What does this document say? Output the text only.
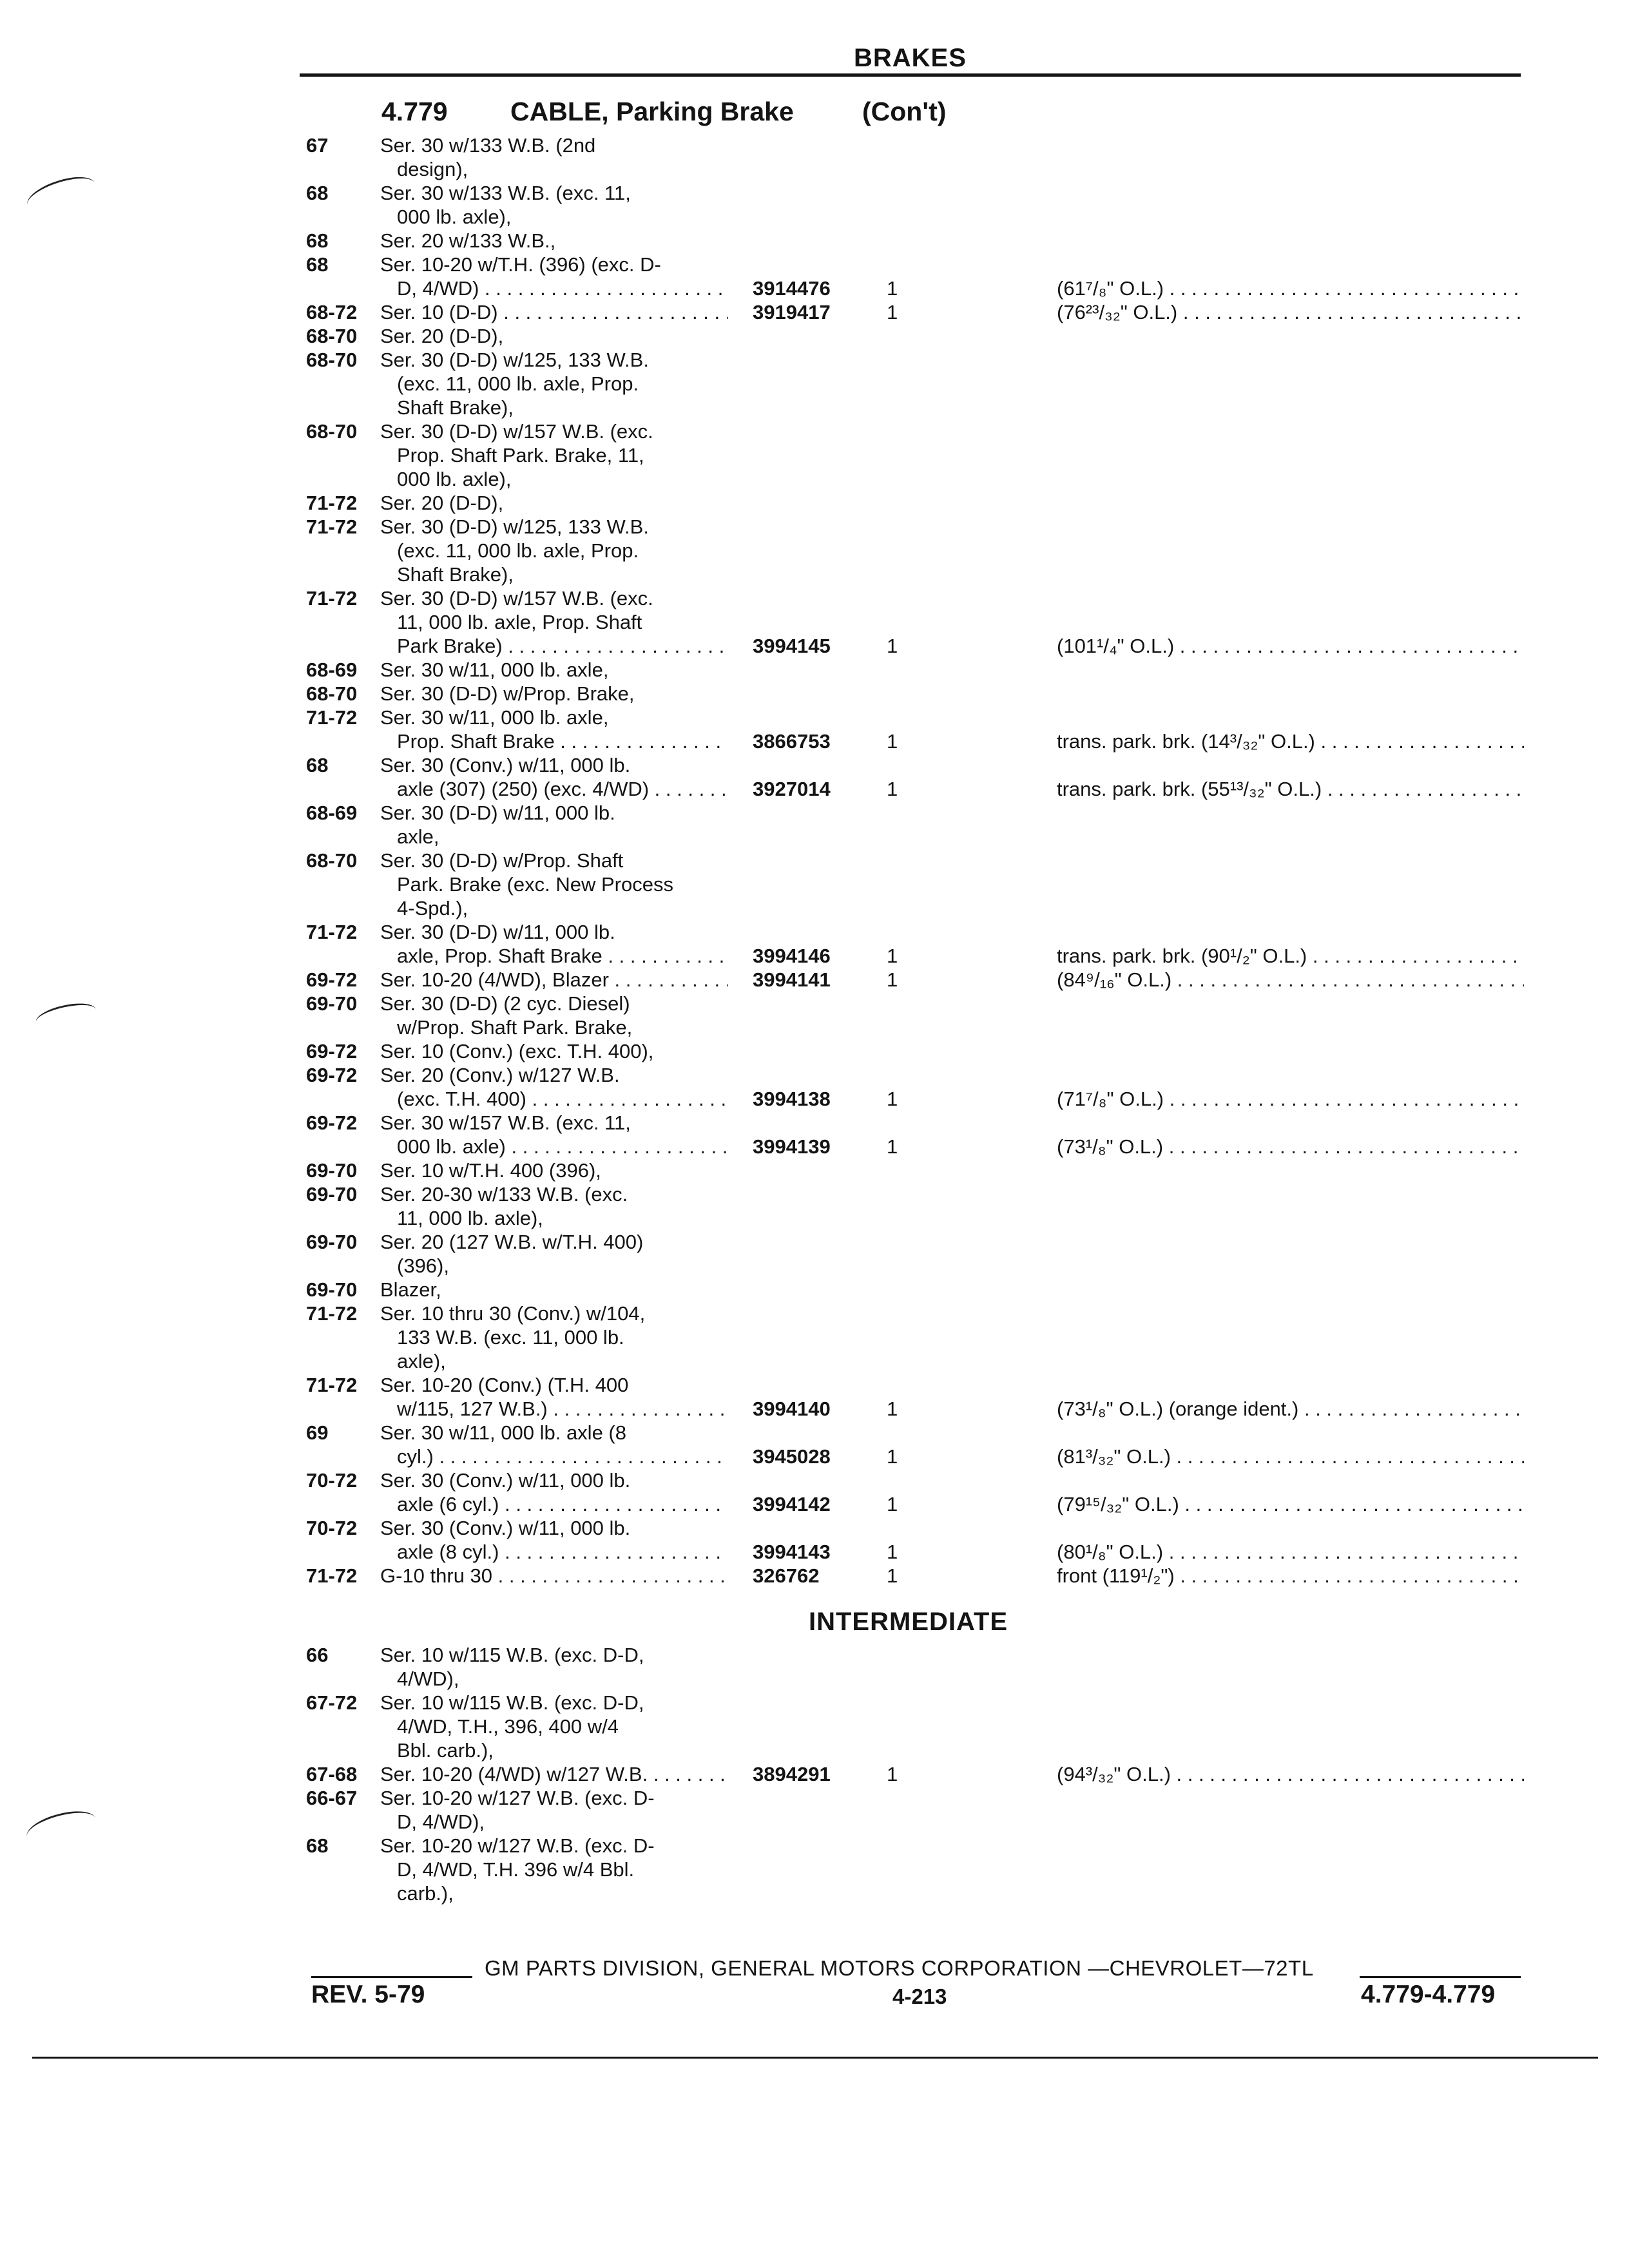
BRAKES
4.779 CABLE, Parking Brake	(Con't)
67	Ser. 30 w/133 W.B. (2nd
design),
68	Ser. 30 w/133 W.B. (exc. 11,
000 lb. axle),
68	Ser. 20 w/133 W.B.,
68	Ser. 10-20 w/T.H. (396) (exc. D-
D, 4/WD) . . .	3914476	1	(61⁷/₈" O.L.) . . .
68-72 Ser. 10 (D-D) . . .	3919417	1	(76²³/₃₂" O.L.) . . .
68-70 Ser. 20 (D-D),
68-70 Ser. 30 (D-D) w/125, 133 W.B.
(exc. 11, 000 lb. axle, Prop.
Shaft Brake),
68-70 Ser. 30 (D-D) w/157 W.B. (exc.
Prop. Shaft Park. Brake, 11,
000 lb. axle),
71-72 Ser. 20 (D-D),
71-72 Ser. 30 (D-D) w/125, 133 W.B.
(exc. 11, 000 lb. axle, Prop.
Shaft Brake),
71-72 Ser. 30 (D-D) w/157 W.B. (exc.
11, 000 lb. axle, Prop. Shaft
Park Brake) . . .	3994145	1	(101¹/₄" O.L.) . . .
68-69 Ser. 30 w/11, 000 lb. axle,
68-70 Ser. 30 (D-D) w/Prop. Brake,
71-72 Ser. 30 w/11, 000 lb. axle,
Prop. Shaft Brake . . .	3866753	1	trans. park. brk. (14³/₃₂" O.L.) . . .
68	Ser. 30 (Conv.) w/11, 000 lb.
axle (307) (250) (exc. 4/WD) . . .	3927014	1	trans. park. brk. (55¹³/₃₂" O.L.) . . .
68-69 Ser. 30 (D-D) w/11, 000 lb.
axle,
68-70 Ser. 30 (D-D) w/Prop. Shaft
Park. Brake (exc. New Process
4-Spd.),
71-72 Ser. 30 (D-D) w/11, 000 lb.
axle, Prop. Shaft Brake . . .	3994146	1	trans. park. brk. (90¹/₂" O.L.) . . .
69-72 Ser. 10-20 (4/WD), Blazer . . .	3994141	1	(84⁹/₁₆" O.L.) . . .
69-70 Ser. 30 (D-D) (2 cyc. Diesel)
w/Prop. Shaft Park. Brake,
69-72 Ser. 10 (Conv.) (exc. T.H. 400),
69-72 Ser. 20 (Conv.) w/127 W.B.
(exc. T.H. 400) . . .	3994138	1	(71⁷/₈" O.L.) . . .
69-72 Ser. 30 w/157 W.B. (exc. 11,
000 lb. axle) . . .	3994139	1	(73¹/₈" O.L.) . . .
69-70 Ser. 10 w/T.H. 400 (396),
69-70 Ser. 20-30 w/133 W.B. (exc.
11, 000 lb. axle),
69-70 Ser. 20 (127 W.B. w/T.H. 400)
(396),
69-70 Blazer,
71-72 Ser. 10 thru 30 (Conv.) w/104,
133 W.B. (exc. 11, 000 lb.
axle),
71-72 Ser. 10-20 (Conv.) (T.H. 400
w/115, 127 W.B.) . . .	3994140	1	(73¹/₈" O.L.) (orange ident.) . . .
69	Ser. 30 w/11, 000 lb. axle (8
cyl.) . . .	3945028	1	(81³/₃₂" O.L.) . . .
70-72 Ser. 30 (Conv.) w/11, 000 lb.
axle (6 cyl.) . . .	3994142	1	(79¹⁵/₃₂" O.L.) . . .
70-72 Ser. 30 (Conv.) w/11, 000 lb.
axle (8 cyl.) . . .	3994143	1	(80¹/₈" O.L.) . . .
71-72 G-10 thru 30 . . .	326762	1	front (119¹/₂") . . .
INTERMEDIATE
66	Ser. 10 w/115 W.B. (exc. D-D,
4/WD),
67-72 Ser. 10 w/115 W.B. (exc. D-D,
4/WD, T.H., 396, 400 w/4
Bbl. carb.),
67-68 Ser. 10-20 (4/WD) w/127 W.B. . . .	3894291	1	(94³/₃₂" O.L.) . . .
66-67 Ser. 10-20 w/127 W.B. (exc. D-
D, 4/WD),
68	Ser. 10-20 w/127 W.B. (exc. D-
D, 4/WD, T.H. 396 w/4 Bbl.
carb.),
GM PARTS DIVISION, GENERAL MOTORS CORPORATION —CHEVROLET—72TL
REV. 5-79	4-213	4.779-4.779
